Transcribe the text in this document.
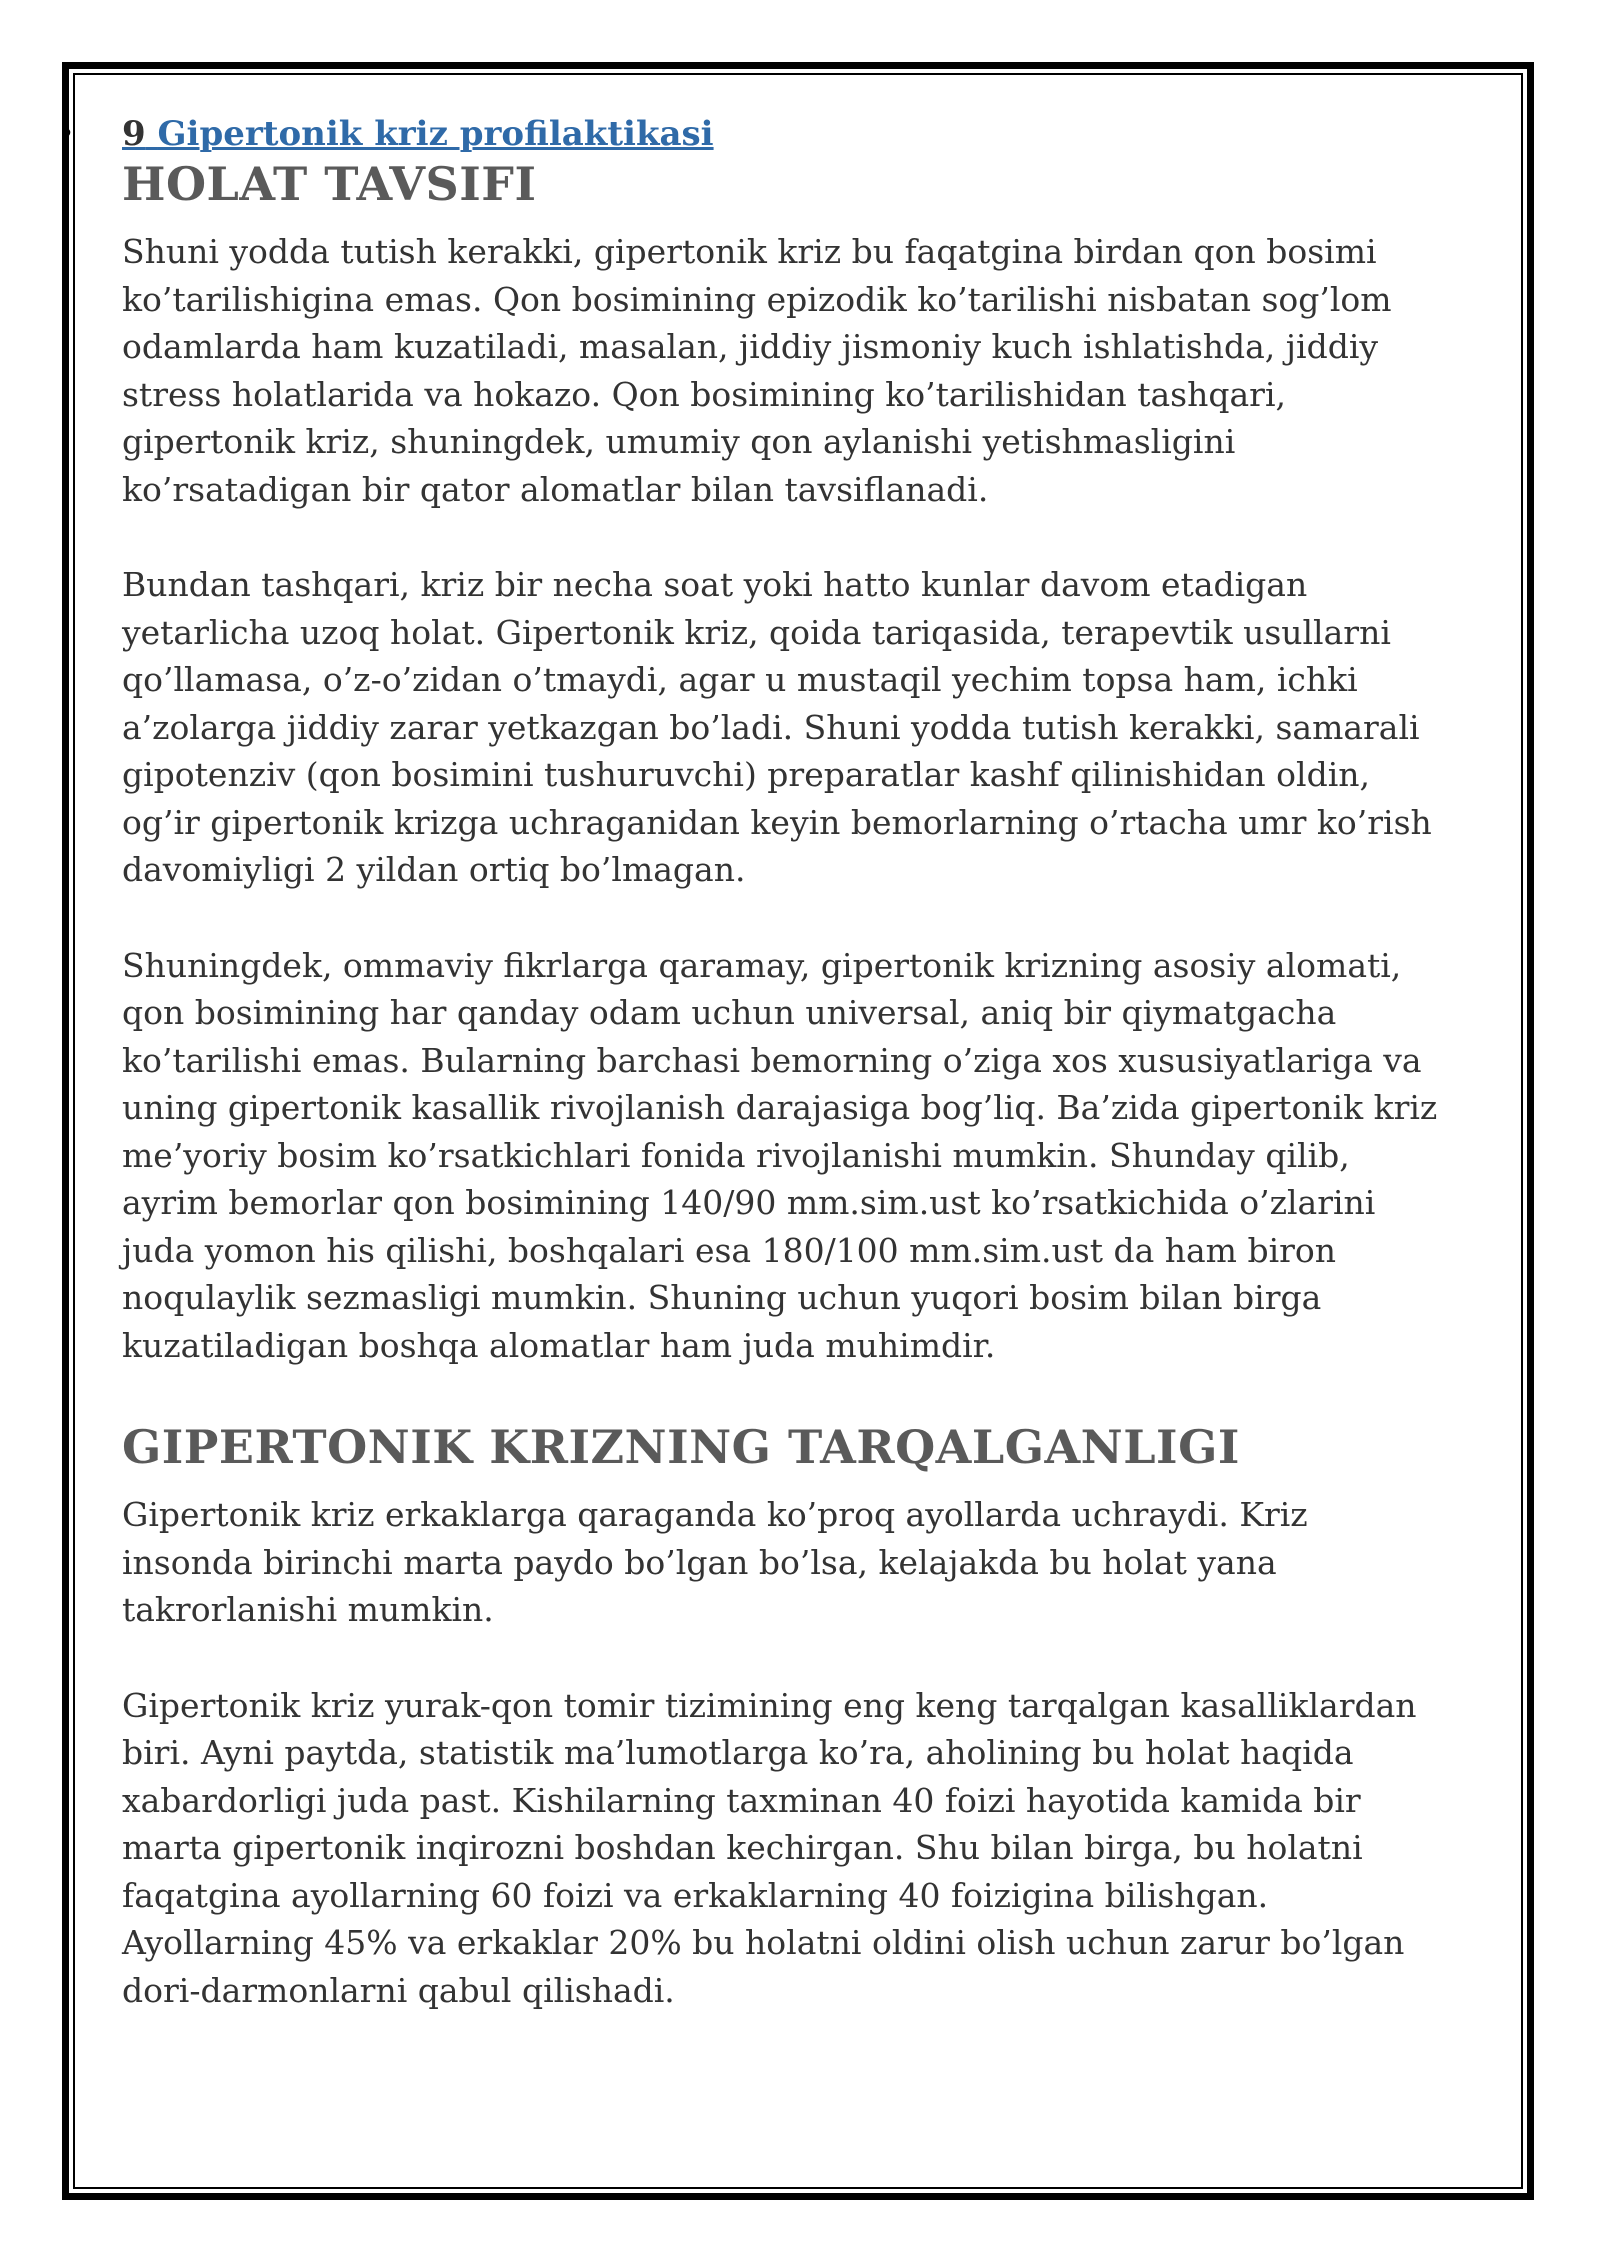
• 9 Gipertonik kriz profilaktikasi
HOLAT TAVSIFI

Shuni yodda tutish kerakki, gipertonik kriz bu faqatgina birdan qon bosimi ko’tarilishigina emas. Qon bosimining epizodik ko’tarilishi nisbatan sog’lom odamlarda ham kuzatiladi, masalan, jiddiy jismoniy kuch ishlatishda, jiddiy stress holatlarida va hokazo. Qon bosimining ko’tarilishidan tashqari, gipertonik kriz, shuningdek, umumiy qon aylanishi yetishmasligini ko’rsatadigan bir qator alomatlar bilan tavsiflanadi.

Bundan tashqari, kriz bir necha soat yoki hatto kunlar davom etadigan yetarlicha uzoq holat. Gipertonik kriz, qoida tariqasida, terapevtik usullarni qo’llamasa, o’z-o’zidan o’tmaydi, agar u mustaqil yechim topsa ham, ichki a’zolarga jiddiy zarar yetkazgan bo’ladi. Shuni yodda tutish kerakki, samarali gipotenziv (qon bosimini tushuruvchi) preparatlar kashf qilinishidan oldin, og’ir gipertonik krizga uchraganidan keyin bemorlarning o’rtacha umr ko’rish davomiyligi 2 yildan ortiq bo’lmagan.

Shuningdek, ommaviy fikrlarga qaramay, gipertonik krizning asosiy alomati, qon bosimining har qanday odam uchun universal, aniq bir qiymatgacha ko’tarilishi emas. Bularning barchasi bemorning o’ziga xos xususiyatlariga va uning gipertonik kasallik rivojlanish darajasiga bog’liq. Ba’zida gipertonik kriz me’yoriy bosim ko’rsatkichlari fonida rivojlanishi mumkin. Shunday qilib, ayrim bemorlar qon bosimining 140/90 mm.sim.ust ko’rsatkichida o’zlarini juda yomon his qilishi, boshqalari esa 180/100 mm.sim.ust da ham biron noqulaylik sezmasligi mumkin. Shuning uchun yuqori bosim bilan birga kuzatiladigan boshqa alomatlar ham juda muhimdir.

GIPERTONIK KRIZNING TARQALGANLIGI

Gipertonik kriz erkaklarga qaraganda ko’proq ayollarda uchraydi. Kriz insonda birinchi marta paydo bo’lgan bo’lsa, kelajakda bu holat yana takrorlanishi mumkin.

Gipertonik kriz yurak-qon tomir tizimining eng keng tarqalgan kasalliklardan biri. Ayni paytda, statistik ma’lumotlarga ko’ra, aholining bu holat haqida xabardorligi juda past. Kishilarning taxminan 40 foizi hayotida kamida bir marta gipertonik inqirozni boshdan kechirgan. Shu bilan birga, bu holatni faqatgina ayollarning 60 foizi va erkaklarning 40 foizigina bilishgan. Ayollarning 45% va erkaklar 20% bu holatni oldini olish uchun zarur bo’lgan dori-darmonlarni qabul qilishadi.
